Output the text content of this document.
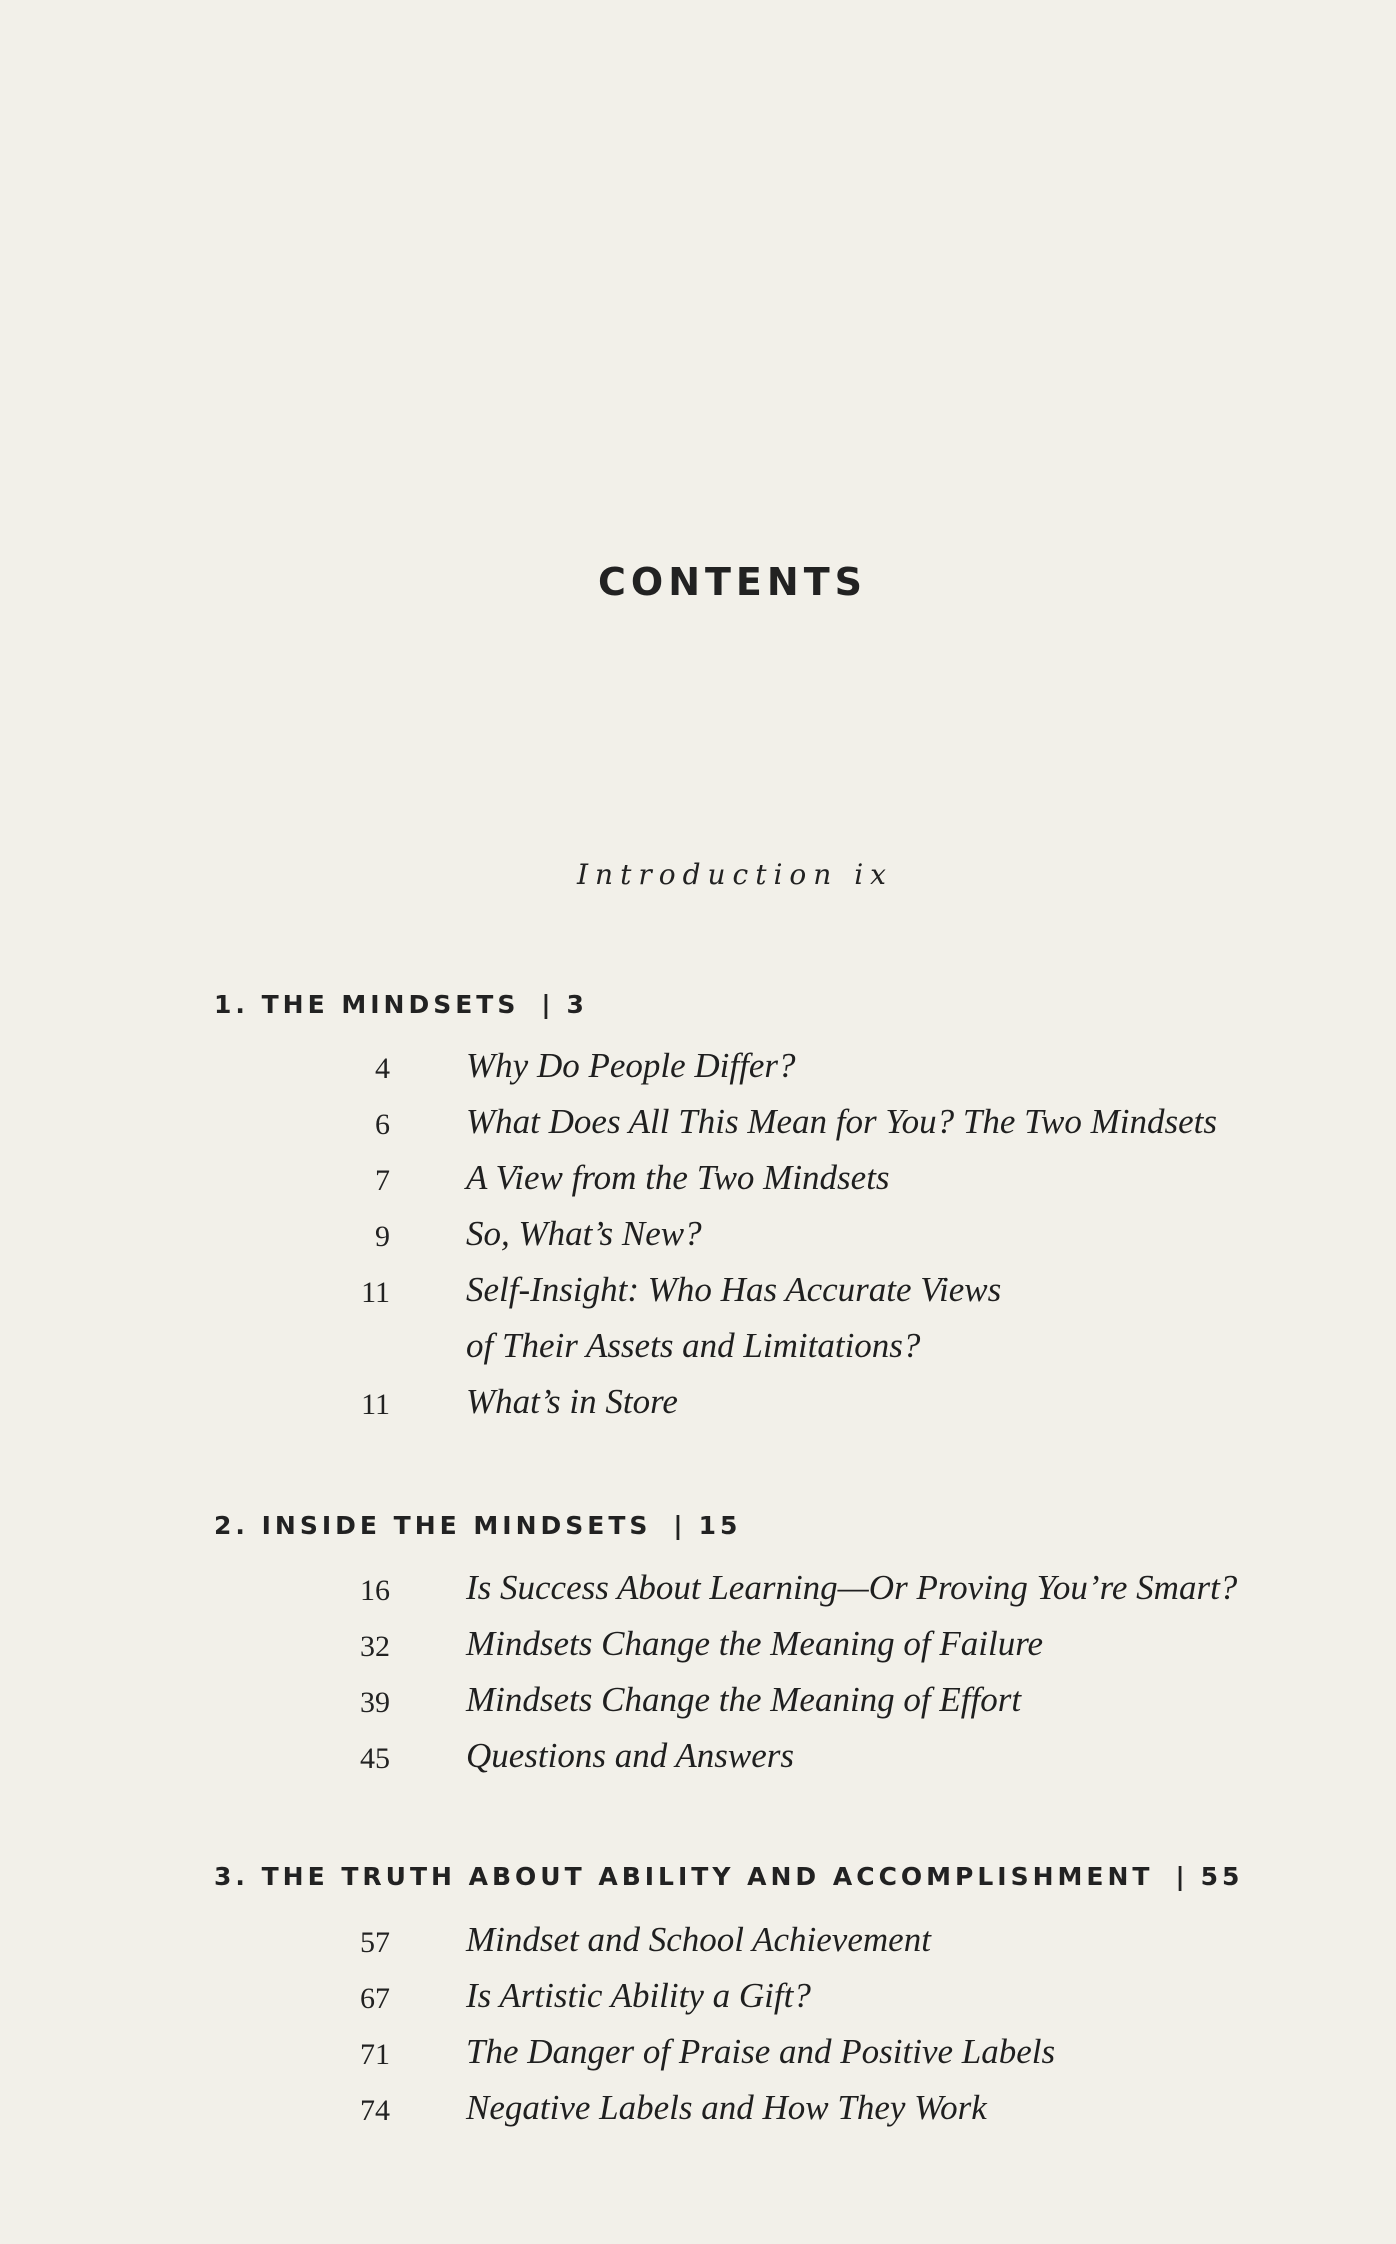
CONTENTS
Introduction ix
1. THE MINDSETS | 3
4 Why Do People Differ?
6 What Does All This Mean for You? The Two Mindsets
7 A View from the Two Mindsets
9 So, What’s New?
11 Self-Insight: Who Has Accurate Views
of Their Assets and Limitations?
11 What’s in Store
2. INSIDE THE MINDSETS | 15
16 Is Success About Learning—Or Proving You’re Smart?
32 Mindsets Change the Meaning of Failure
39 Mindsets Change the Meaning of Effort
45 Questions and Answers
3. THE TRUTH ABOUT ABILITY AND ACCOMPLISHMENT | 55
57 Mindset and School Achievement
67 Is Artistic Ability a Gift?
71 The Danger of Praise and Positive Labels
74 Negative Labels and How They Work
